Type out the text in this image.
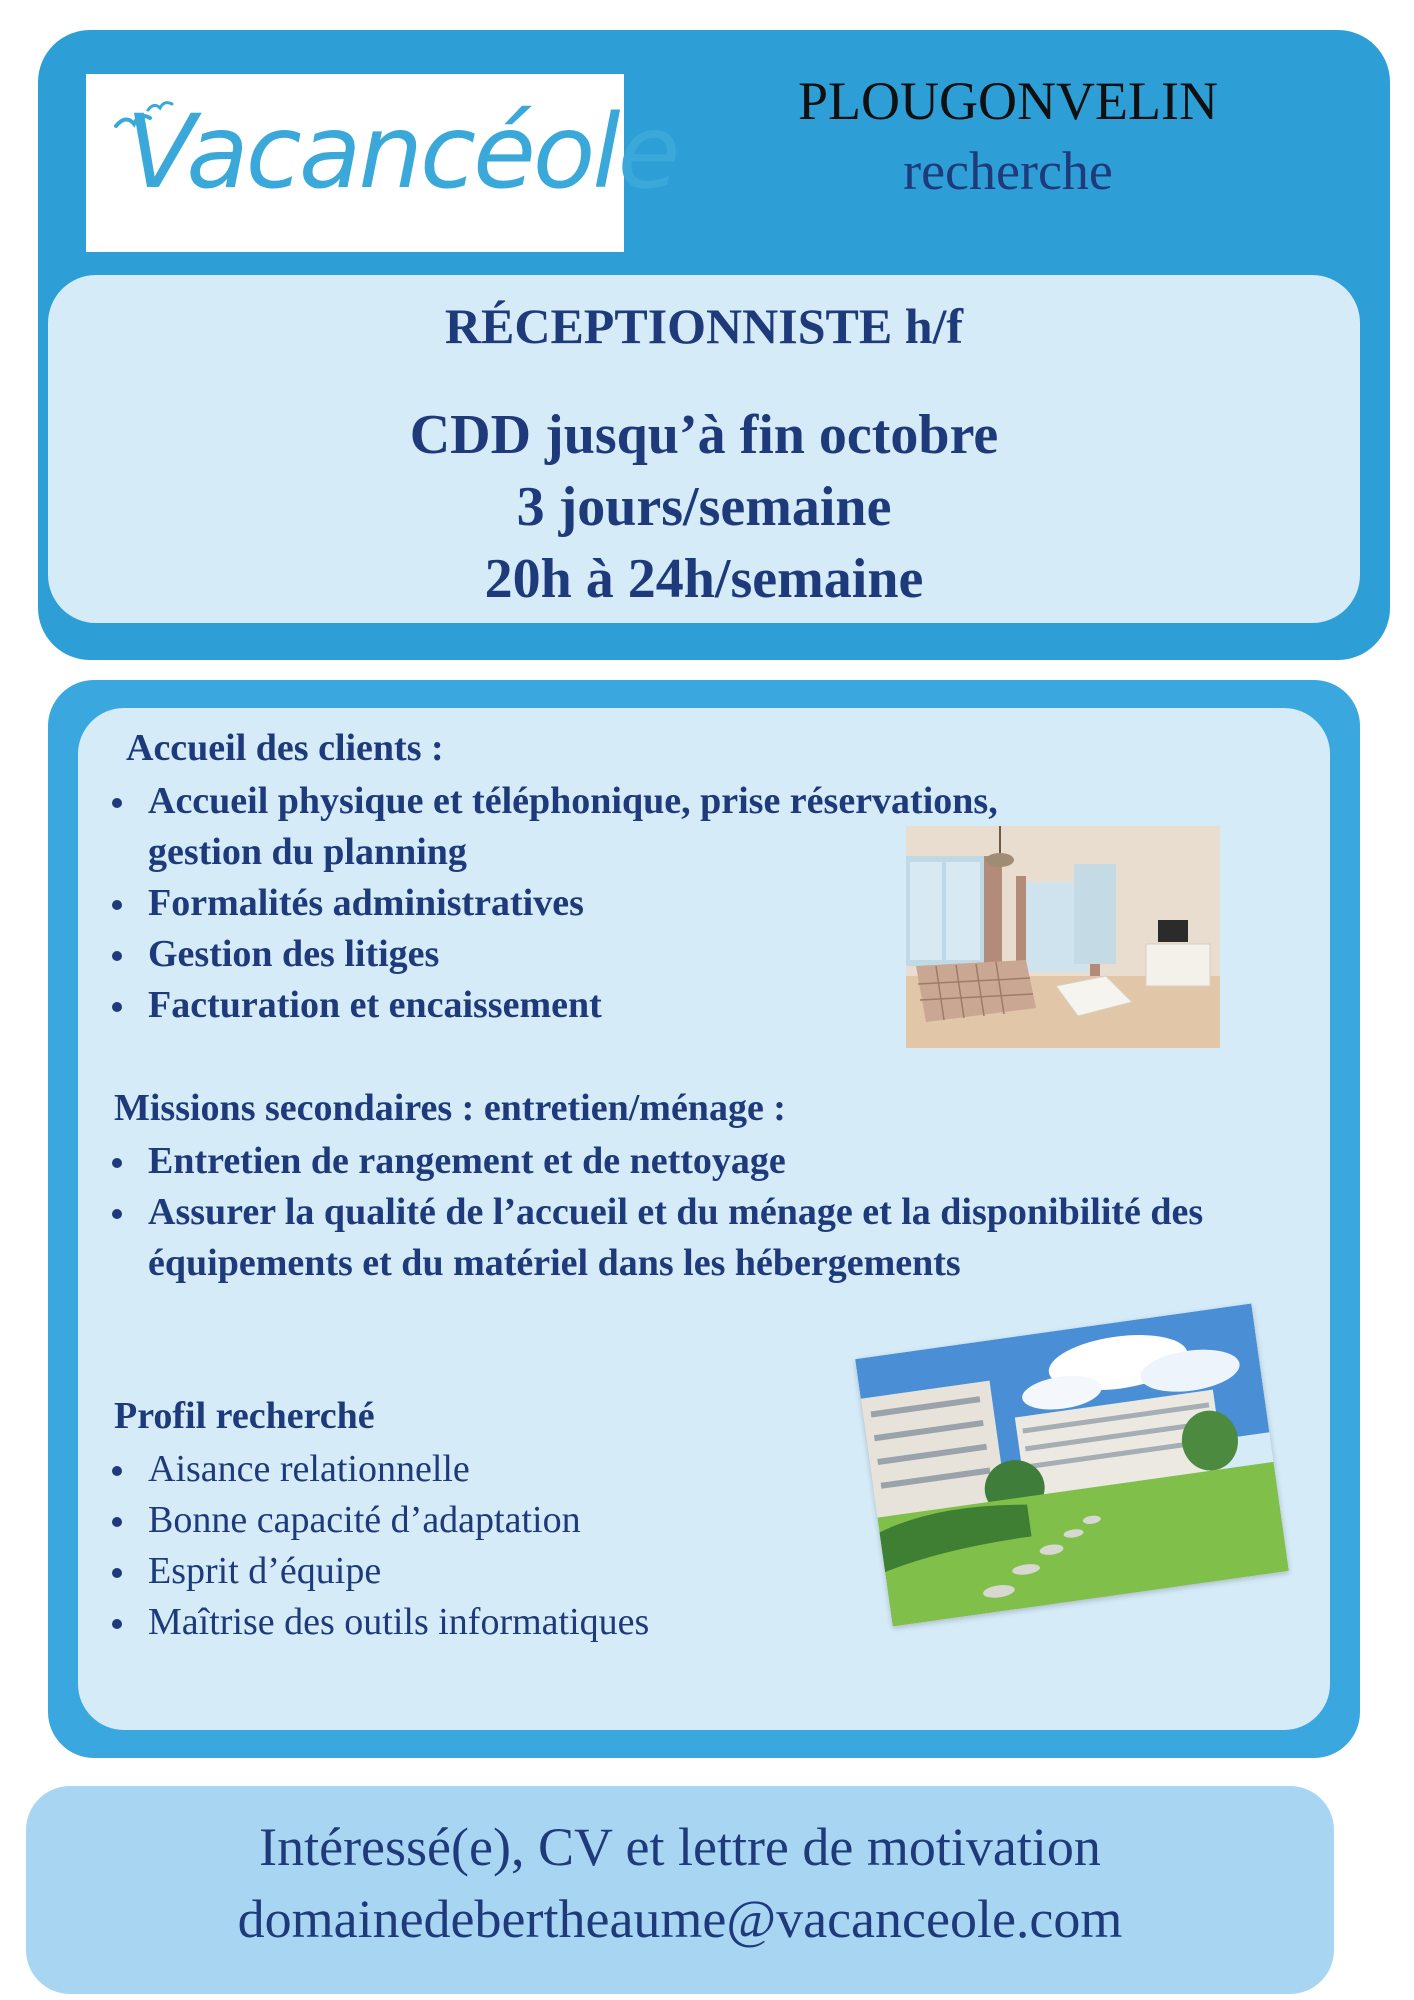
Vacancéole	PLOUGONVELIN
recherche
RÉCEPTIONNISTE h/f
CDD jusqu’à fin octobre
3 jours/semaine
20h à 24h/semaine
Accueil des clients :
Accueil physique et téléphonique, prise réservations,
gestion du planning
Formalités administratives
Gestion des litiges
Facturation et encaissement
Missions secondaires : entretien/ménage :
Entretien de rangement et de nettoyage
Assurer la qualité de l’accueil et du ménage et la disponibilité des équipements et du matériel dans les hébergements
Profil recherché
Aisance relationnelle
Bonne capacité d’adaptation
Esprit d’équipe
Maîtrise des outils informatiques
Intéressé(e), CV et lettre de motivation
domainedebertheaume@vacanceole.com
